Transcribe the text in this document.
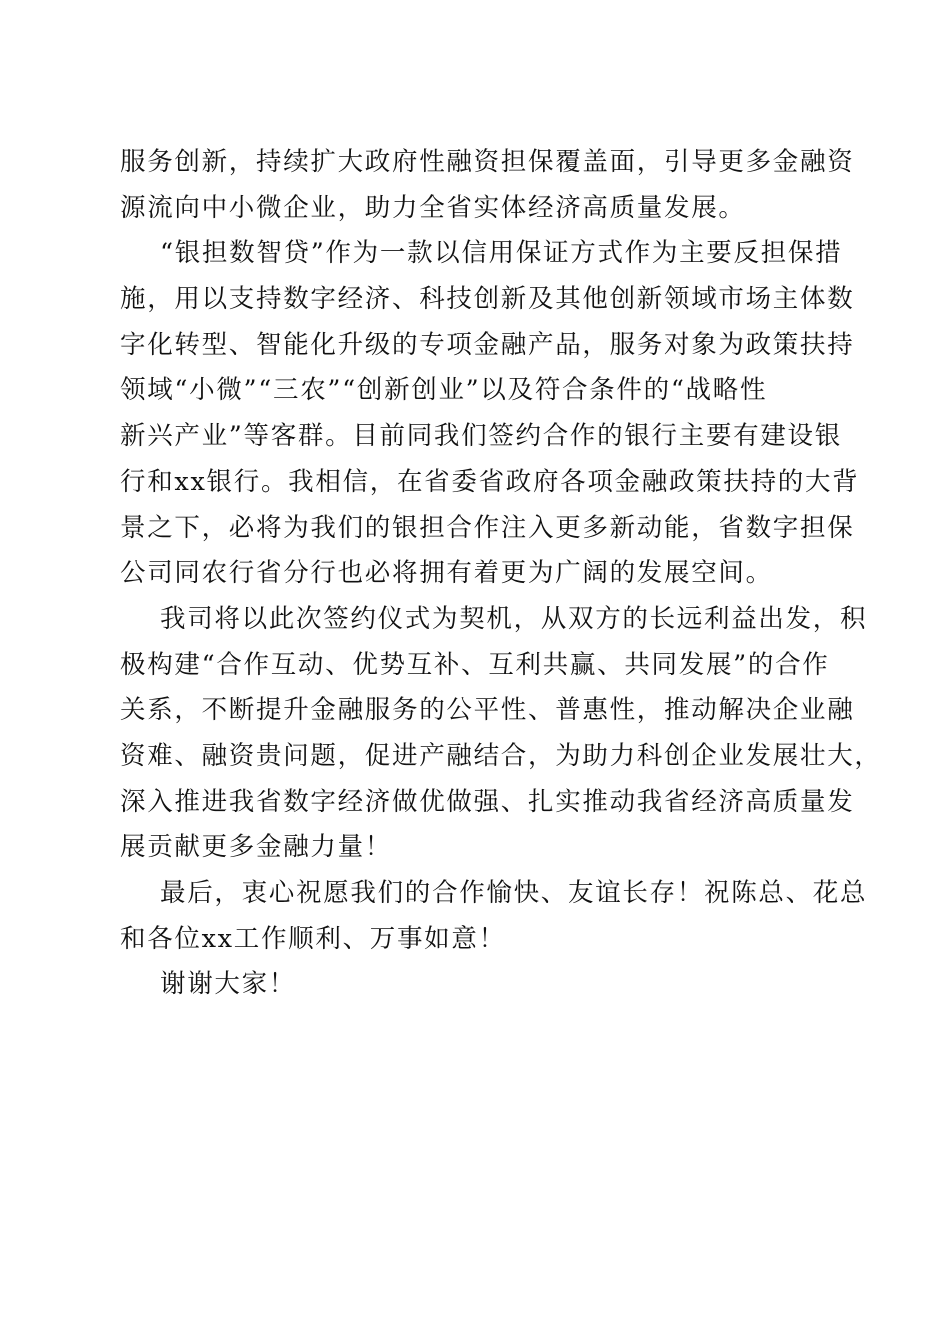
服务创新，持续扩大政府性融资担保覆盖面，引导更多金融资
源流向中小微企业，助力全省实体经济高质量发展。
“银担数智贷”作为一款以信用保证方式作为主要反担保措
施，用以支持数字经济、科技创新及其他创新领域市场主体数
字化转型、智能化升级的专项金融产品，服务对象为政策扶持
领域“小微”“三农”“创新创业”以及符合条件的“战略性
新兴产业”等客群。目前同我们签约合作的银行主要有建设银
行和xx银行。我相信，在省委省政府各项金融政策扶持的大背
景之下，必将为我们的银担合作注入更多新动能，省数字担保
公司同农行省分行也必将拥有着更为广阔的发展空间。
我司将以此次签约仪式为契机，从双方的长远利益出发，积
极构建“合作互动、优势互补、互利共赢、共同发展”的合作
关系，不断提升金融服务的公平性、普惠性，推动解决企业融
资难、融资贵问题，促进产融结合，为助力科创企业发展壮大，
深入推进我省数字经济做优做强、扎实推动我省经济高质量发
展贡献更多金融力量！
最后，衷心祝愿我们的合作愉快、友谊长存！祝陈总、花总
和各位xx工作顺利、万事如意！
谢谢大家！
